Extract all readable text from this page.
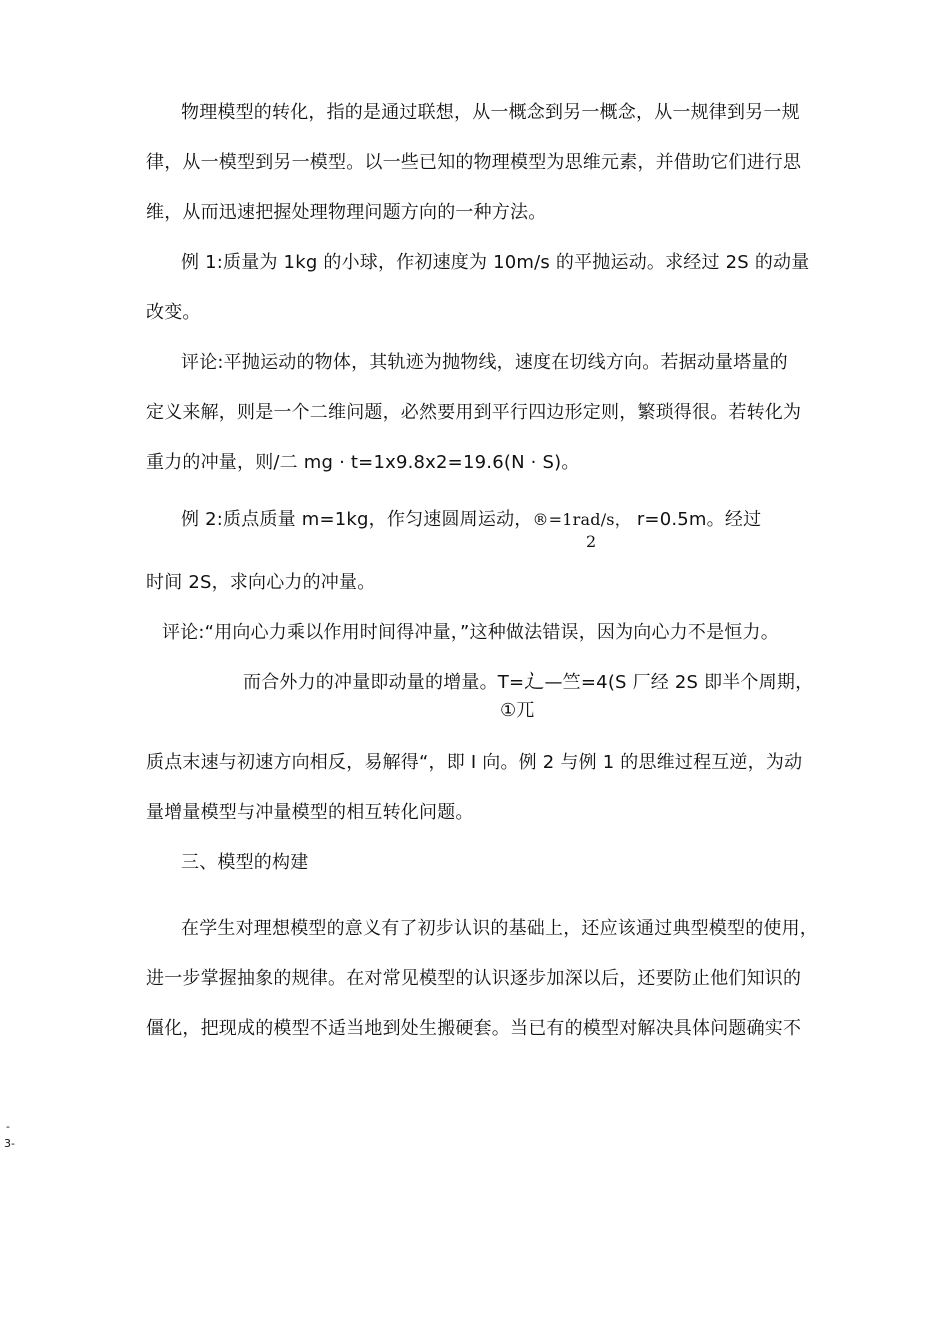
物理模型的转化，指的是通过联想，从一概念到另一概念，从一规律到另一规
律，从一模型到另一模型。以一些已知的物理模型为思维元素，并借助它们进行思
维，从而迅速把握处理物理问题方向的一种方法。
例 1:质量为 1kg 的小球，作初速度为 10m/s 的平抛运动。求经过 2S 的动量
改变。
评论:平抛运动的物体，其轨迹为抛物线，速度在切线方向。若据动量塔量的
定义来解，则是一个二维问题，必然要用到平行四边形定则，繁琐得很。若转化为
重力的冲量，则/二 mg · t=1x9.8x2=19.6(N · S)。
例 2:质点质量 m=1kg，作匀速圆周运动，®=1rad/s， r=0.5m。经过
2
时间 2S，求向心力的冲量。
评论:“用向心力乘以作用时间得冲量，”这种做法错误，因为向心力不是恒力。
而合外力的冲量即动量的增量。T=辶—竺=4(S 厂经 2S 即半个周期，
①兀
质点末速与初速方向相反，易解得“，即 I 向。例 2 与例 1 的思维过程互逆，为动
量增量模型与冲量模型的相互转化问题。
三、模型的构建
在学生对理想模型的意义有了初步认识的基础上，还应该通过典型模型的使用，
进一步掌握抽象的规律。在对常见模型的认识逐步加深以后，还要防止他们知识的
僵化，把现成的模型不适当地到处生搬硬套。当已有的模型对解决具体问题确实不
-
3-
